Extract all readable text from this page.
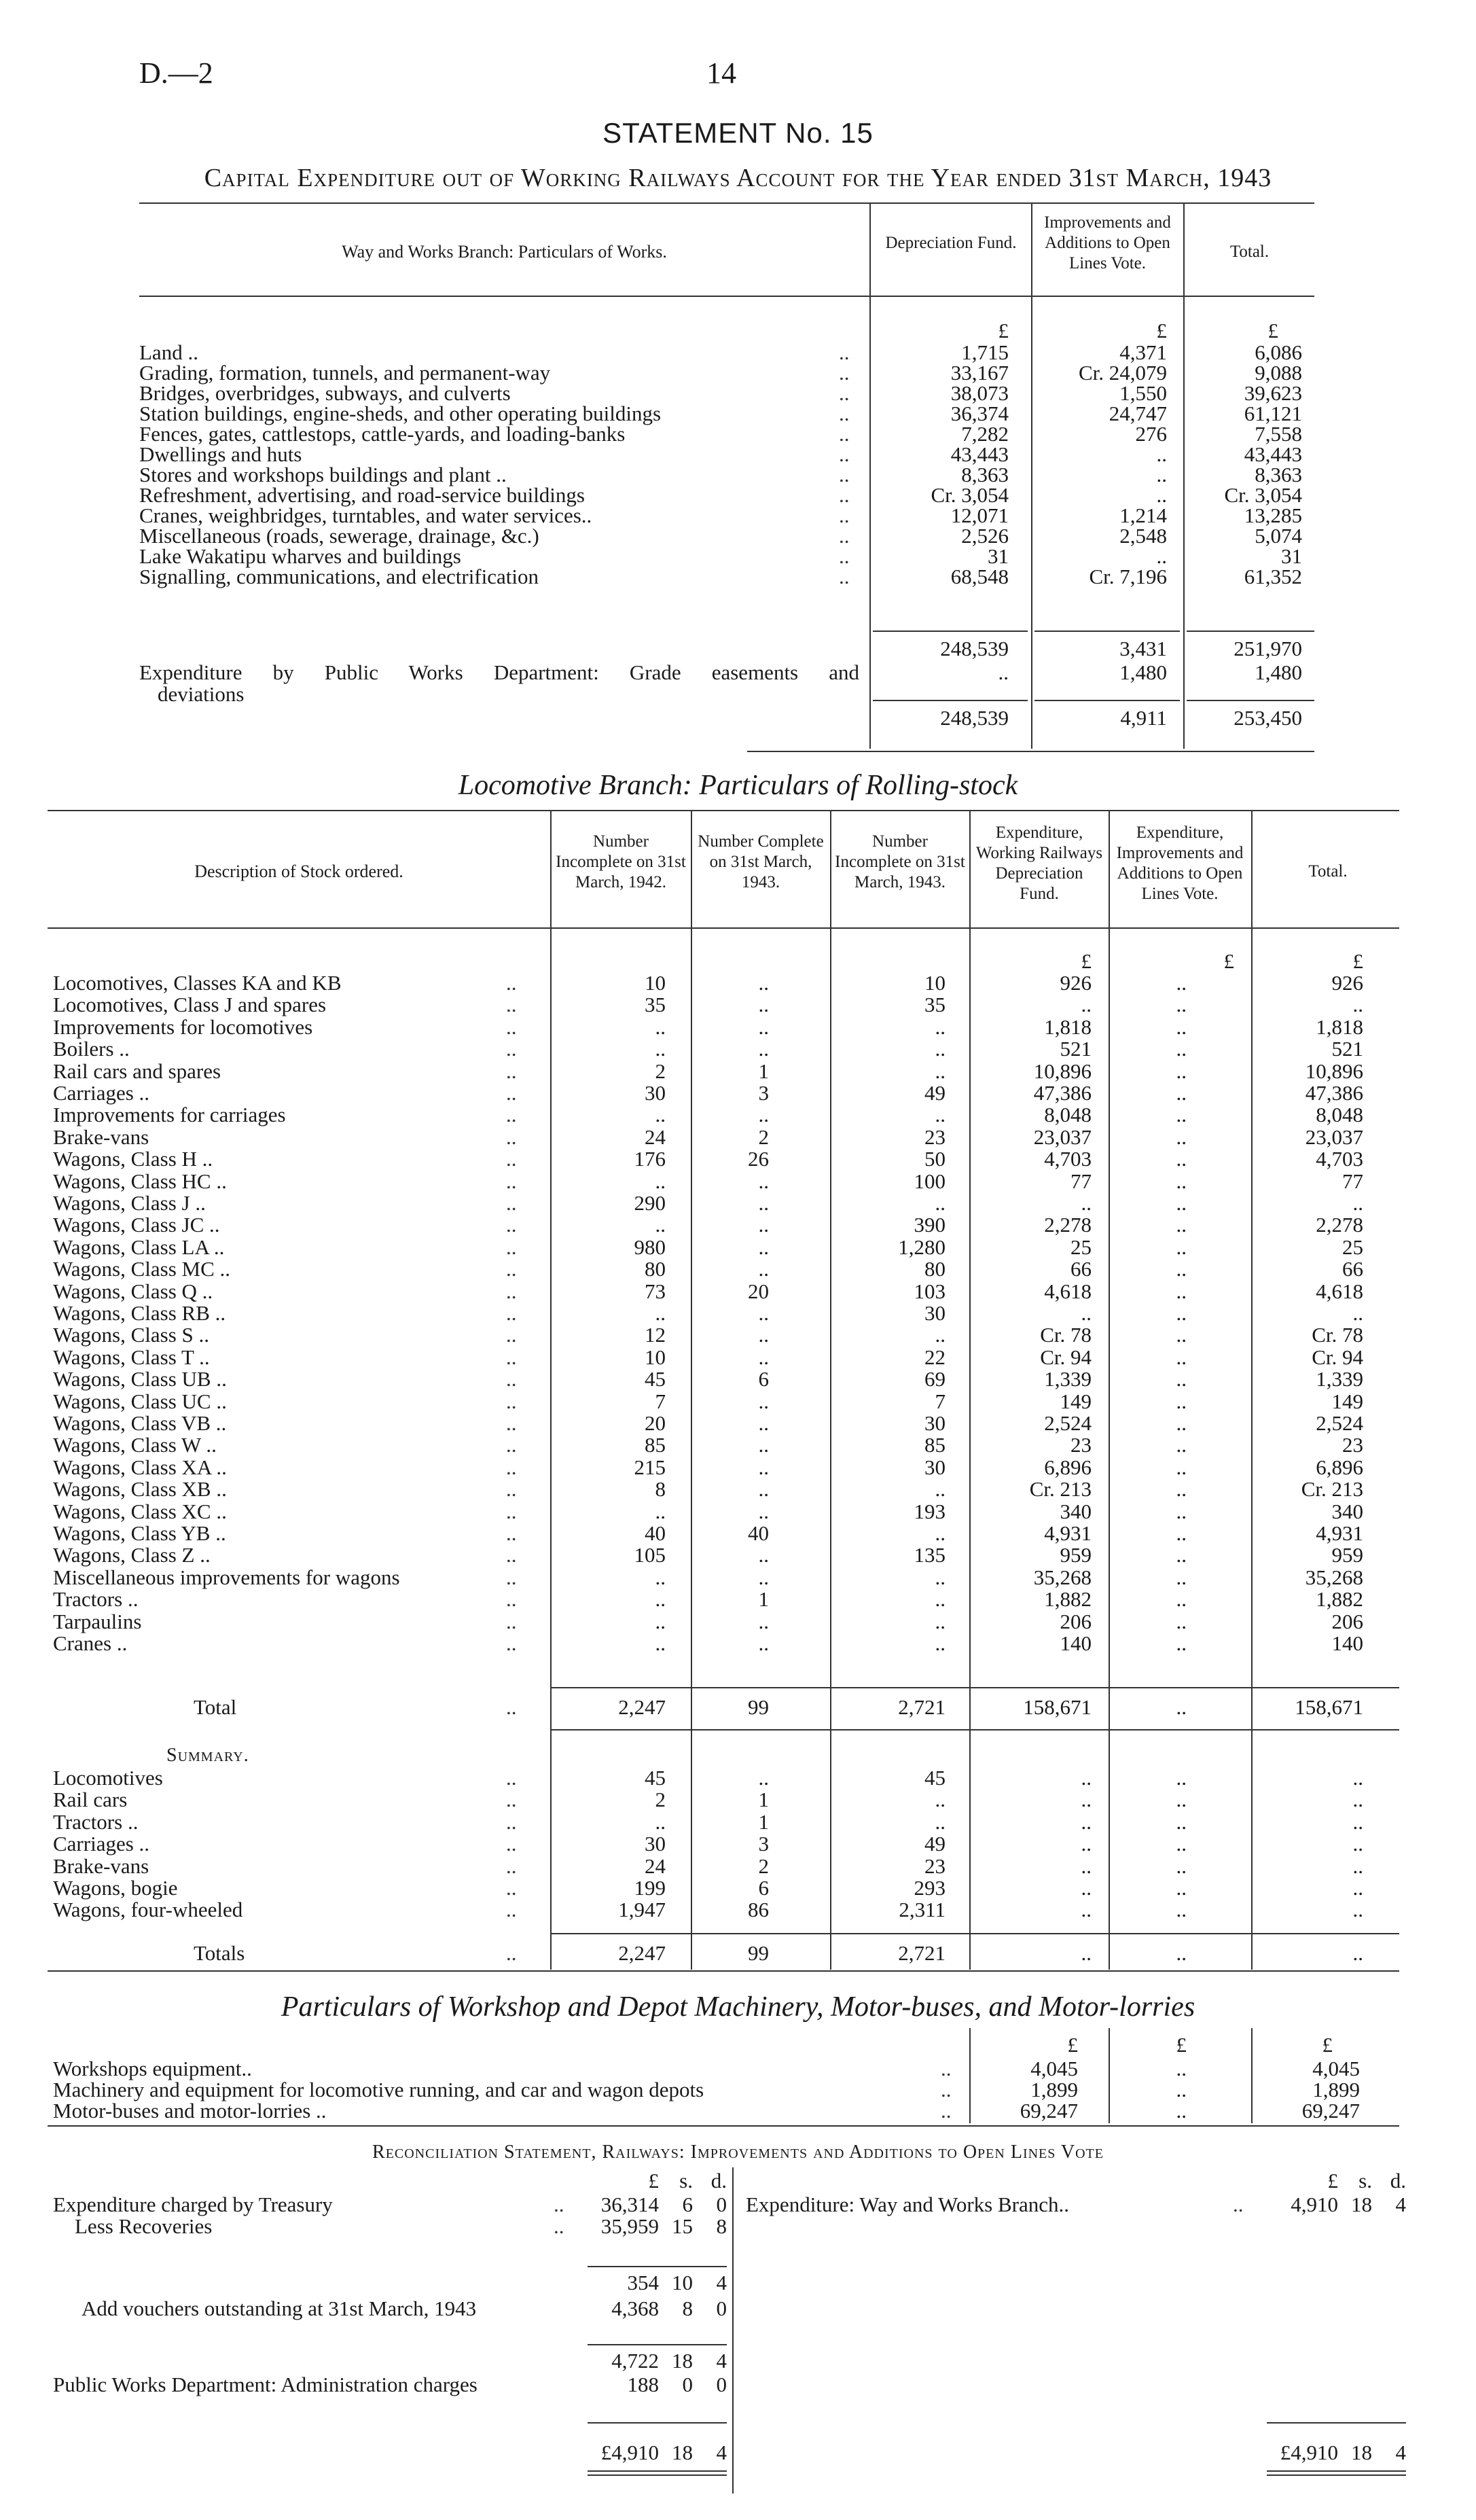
D.—2	14
STATEMENT No. 15
Capital Expenditure out of Working Railways Account for the Year ended 31st March, 1943
Way and Works Branch: Particulars of Works.	Depreciation Fund.
Improvements and Additions to Open Lines Vote.
Total.
£	£	£
Land ..	..	1,715	4,371	6,086
Grading, formation, tunnels, and permanent-way	..	33,167	Cr. 24,079	9,088
Bridges, overbridges, subways, and culverts	..	38,073	1,550	39,623
Station buildings, engine-sheds, and other operating buildings	..	36,374	24,747	61,121
Fences, gates, cattlestops, cattle-yards, and loading-banks	..	7,282	276	7,558
Dwellings and huts	..	43,443	..	43,443
Stores and workshops buildings and plant ..	..	8,363	..	8,363
Refreshment, advertising, and road-service buildings	..	Cr. 3,054	..	Cr. 3,054
Cranes, weighbridges, turntables, and water services..	..	12,071	1,214	13,285
Miscellaneous (roads, sewerage, drainage, &c.)	..	2,526	2,548	5,074
Lake Wakatipu wharves and buildings	..	31	..	31
Signalling, communications, and electrification	..	68,548	Cr. 7,196	61,352
248,539	3,431	251,970
Expenditure by Public Works Department: Grade easements and	..	1,480	1,480
deviations
248,539	4,911	253,450
Locomotive Branch: Particulars of Rolling-stock
Description of Stock ordered.
Number Incomplete on 31st March, 1942.
Number Complete on 31st March, 1943.
Number Incomplete on 31st March, 1943.
Expenditure, Working Railways Depreciation Fund.
Expenditure, Improvements and Additions to Open Lines Vote.
Total.
£	£	£
Locomotives, Classes KA and KB	..	10	..	10	926	..	926
Locomotives, Class J and spares	..	35	..	35	..	..	..
Improvements for locomotives	..	..	..	..	1,818	..	1,818
Boilers ..	..	..	..	..	521	..	521
Rail cars and spares	..	2	1	..	10,896	..	10,896
Carriages ..	..	30	3	49	47,386	..	47,386
Improvements for carriages	..	..	..	..	8,048	..	8,048
Brake-vans	..	24	2	23	23,037	..	23,037
Wagons, Class H ..	..	176	26	50	4,703	..	4,703
Wagons, Class HC ..	..	..	..	100	77	..	77
Wagons, Class J ..	..	290	..	..	..	..	..
Wagons, Class JC ..	..	..	..	390	2,278	..	2,278
Wagons, Class LA ..	..	980	..	1,280	25	..	25
Wagons, Class MC ..	..	80	..	80	66	..	66
Wagons, Class Q ..	..	73	20	103	4,618	..	4,618
Wagons, Class RB ..	..	..	..	30	..	..	..
Wagons, Class S ..	..	12	..	..	Cr. 78	..	Cr. 78
Wagons, Class T ..	..	10	..	22	Cr. 94	..	Cr. 94
Wagons, Class UB ..	..	45	6	69	1,339	..	1,339
Wagons, Class UC ..	..	7	..	7	149	..	149
Wagons, Class VB ..	..	20	..	30	2,524	..	2,524
Wagons, Class W ..	..	85	..	85	23	..	23
Wagons, Class XA ..	..	215	..	30	6,896	..	6,896
Wagons, Class XB ..	..	8	..	..	Cr. 213	..	Cr. 213
Wagons, Class XC ..	..	..	..	193	340	..	340
Wagons, Class YB ..	..	40	40	..	4,931	..	4,931
Wagons, Class Z ..	..	105	..	135	959	..	959
Miscellaneous improvements for wagons	..	..	..	..	35,268	..	35,268
Tractors ..	..	..	1	..	1,882	..	1,882
Tarpaulins	..	..	..	..	206	..	206
Cranes ..	..	..	..	..	140	..	140
Total	..	2,247	99	2,721	158,671	..	158,671
Summary.
Locomotives	..	45	..	45	..	..	..
Rail cars	..	2	1	..	..	..	..
Tractors ..	..	..	1	..	..	..	..
Carriages ..	..	30	3	49	..	..	..
Brake-vans	..	24	2	23	..	..	..
Wagons, bogie	..	199	6	293	..	..	..
Wagons, four-wheeled	..	1,947	86	2,311	..	..	..
Totals	..	2,247	99	2,721	..	..	..
Particulars of Workshop and Depot Machinery, Motor-buses, and Motor-lorries
£	£	£
Workshops equipment..	..	4,045	..	4,045
Machinery and equipment for locomotive running, and car and wagon depots	..	1,899	..	1,899
Motor-buses and motor-lorries ..	..	69,247	..	69,247
Reconciliation Statement, Railways: Improvements and Additions to Open Lines Vote
£ s. d.	£ s. d.
Expenditure charged by Treasury	.. 36,314	6	0
Less Recoveries	.. 35,959 15	8
354 10	4
Add vouchers outstanding at 31st March, 1943	4,368	8	0
4,722 18	4
Public Works Department: Administration charges	188	0	0
£4,910 18	4
Expenditure: Way and Works Branch..	..	4,910 18	4
£4,910 18	4
